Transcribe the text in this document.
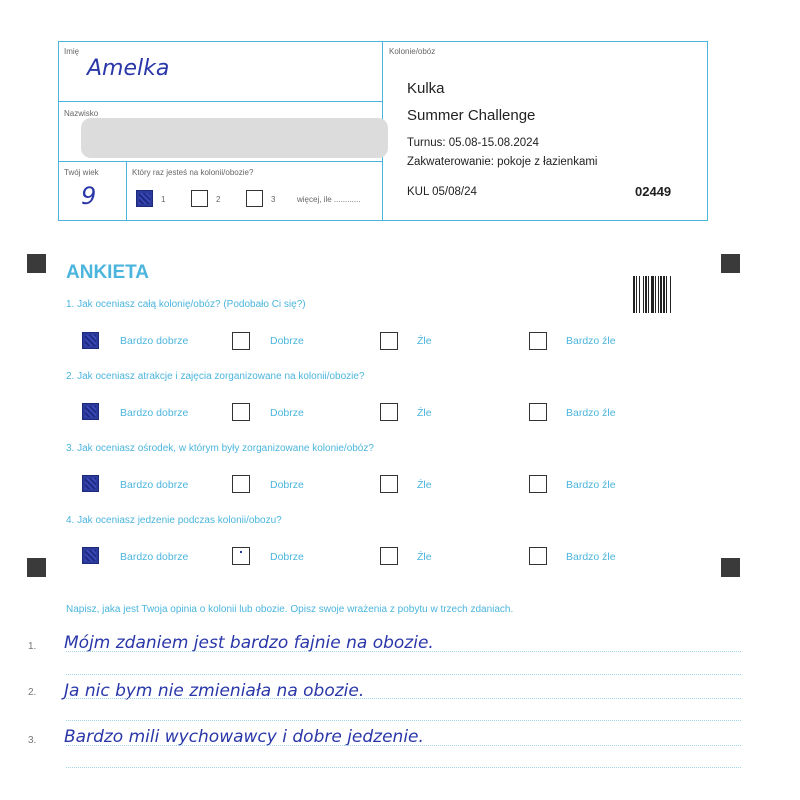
Imię
Amelka
Nazwisko
Twój wiek
9
Który raz jesteś na kolonii/obozie?
1	2	3	więcej, ile ............
Kolonie/obóz
Kulka
Summer Challenge
Turnus: 05.08-15.08.2024
Zakwaterowanie: pokoje z łazienkami
KUL 05/08/24	02449
ANKIETA
1. Jak oceniasz całą kolonię/obóz? (Podobało Ci się?)
Bardzo dobrze	Dobrze	Źle	Bardzo źle
2. Jak oceniasz atrakcje i zajęcia zorganizowane na kolonii/obozie?
Bardzo dobrze	Dobrze	Źle	Bardzo źle
3. Jak oceniasz ośrodek, w którym były zorganizowane kolonie/obóz?
Bardzo dobrze	Dobrze	Źle	Bardzo źle
4. Jak oceniasz jedzenie podczas kolonii/obozu?
Bardzo dobrze	Dobrze	Źle	Bardzo źle
Napisz, jaka jest Twoja opinia o kolonii lub obozie. Opisz swoje wrażenia z pobytu w trzech zdaniach.
1. Mójm zdaniem jest bardzo fajnie na obozie.
2. Ja nic bym nie zmieniała na obozie.
3. Bardzo mili wychowawcy i dobre jedzenie.
